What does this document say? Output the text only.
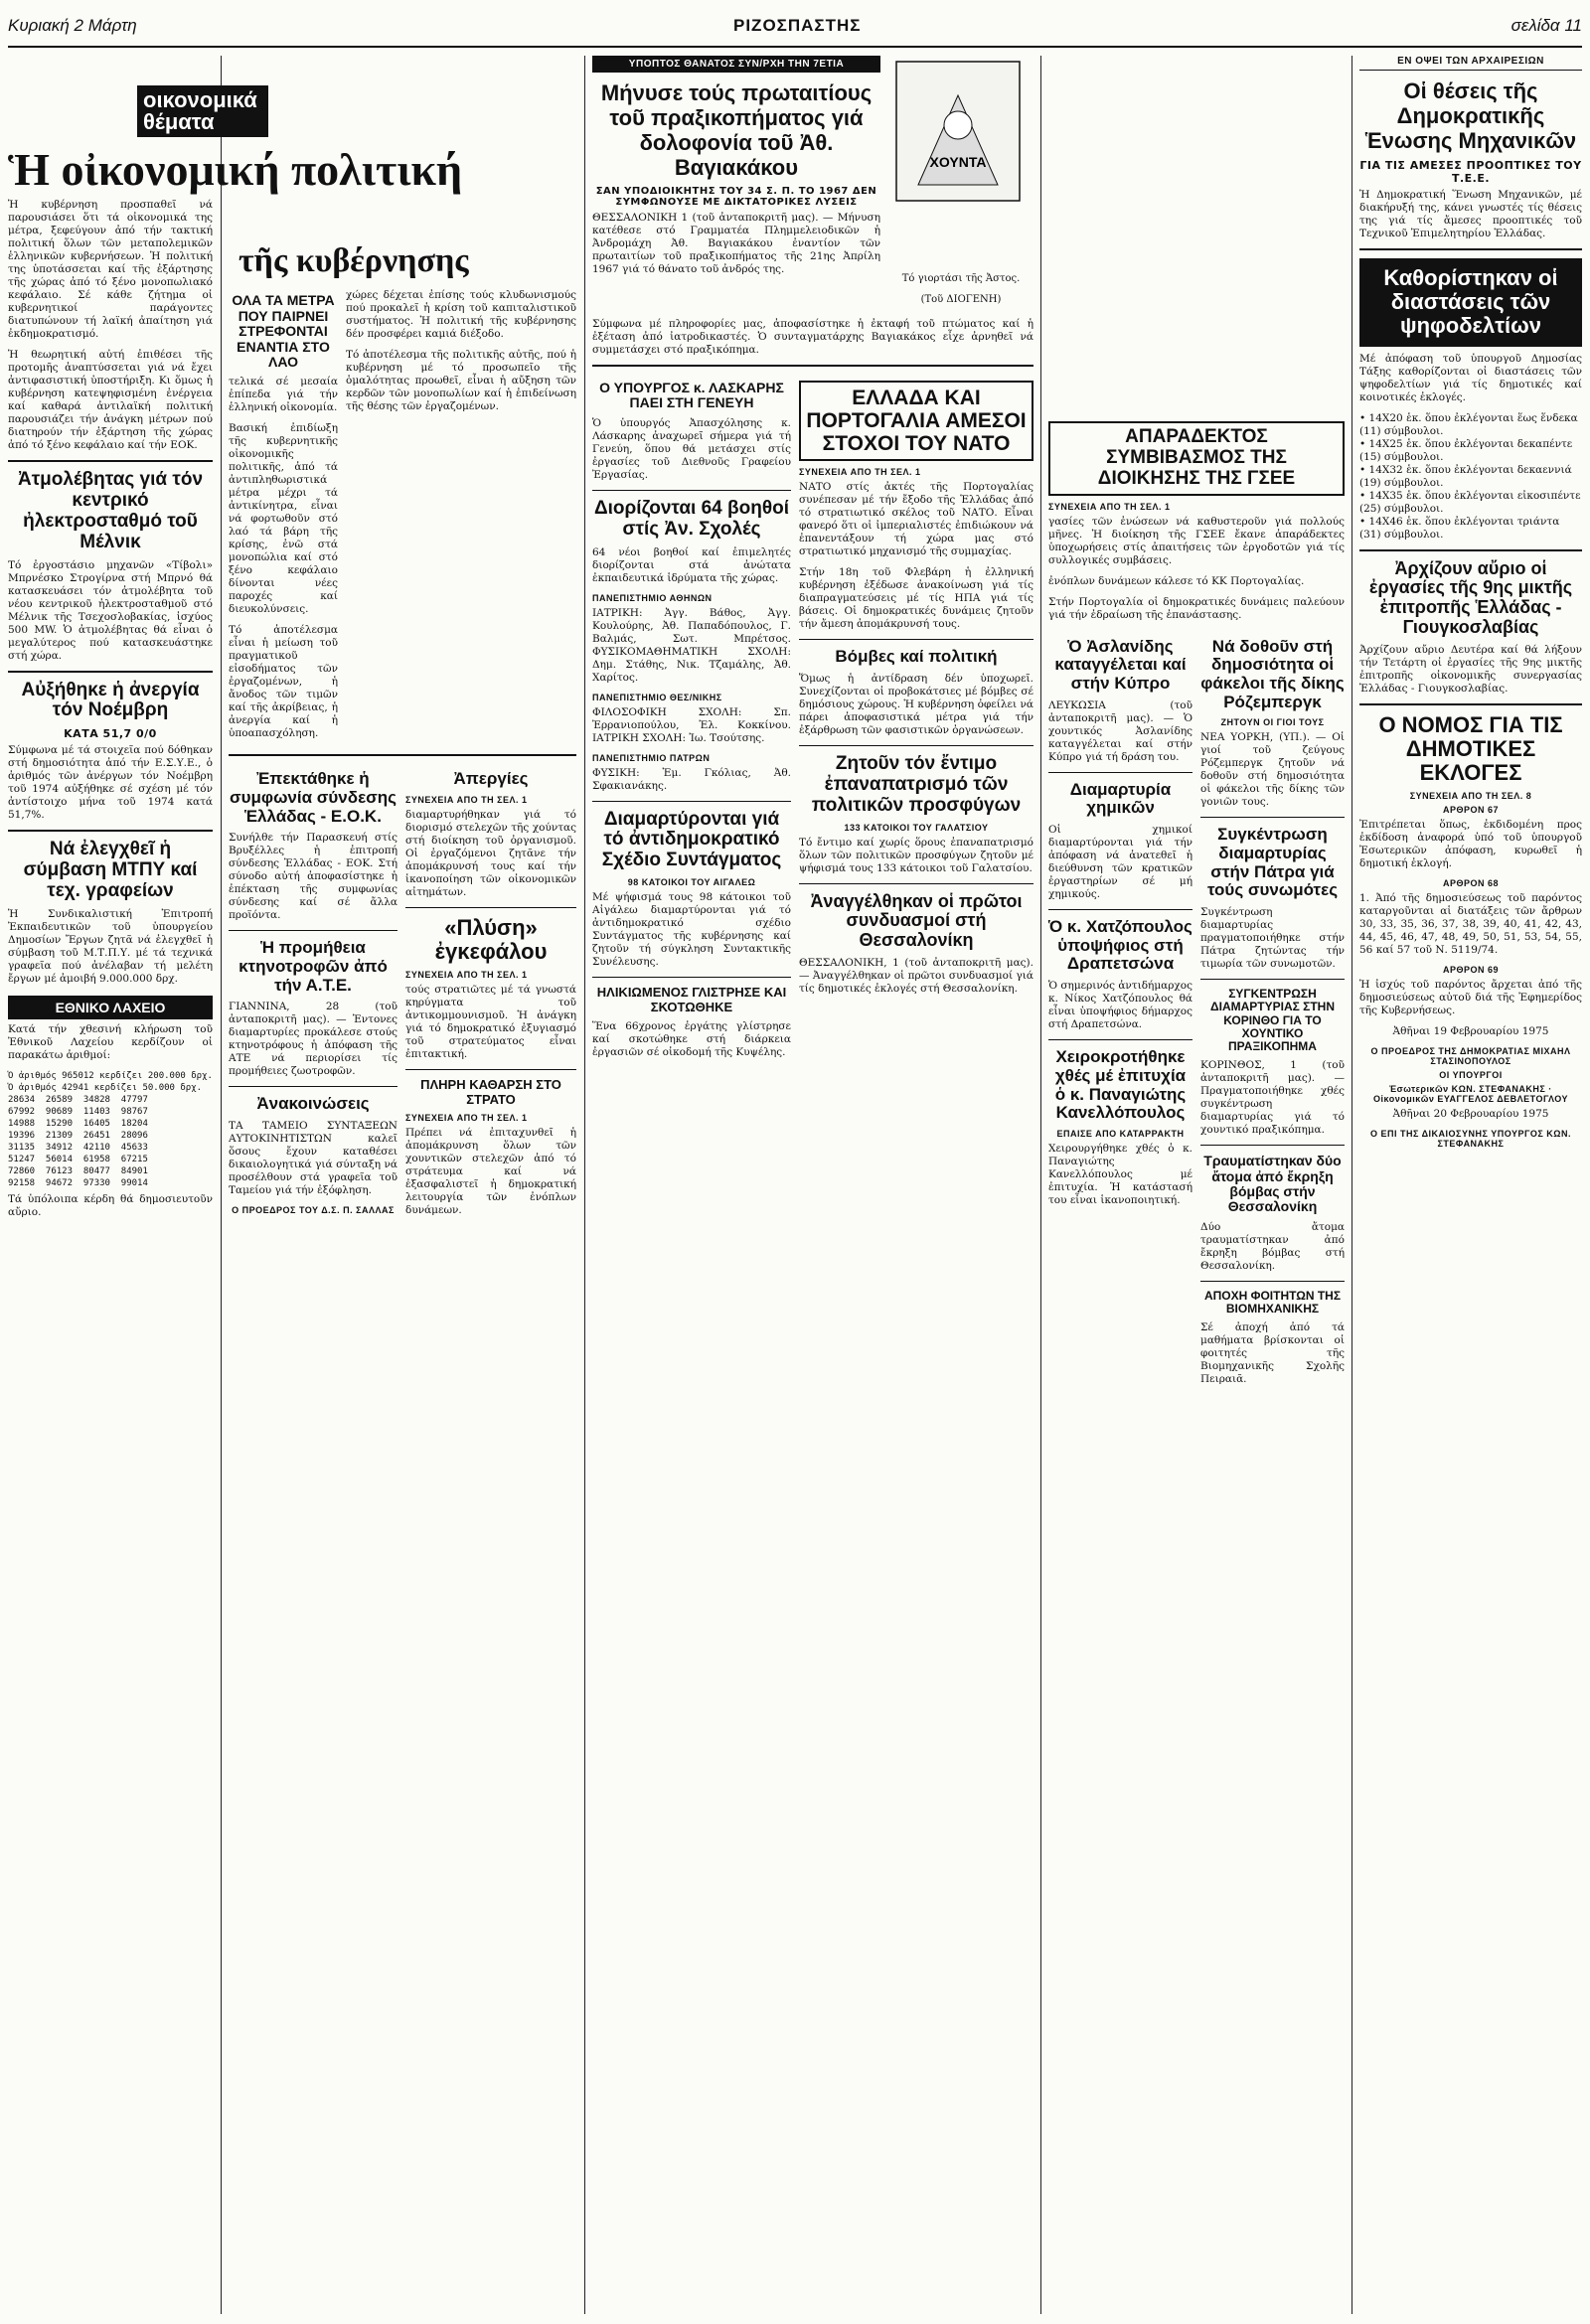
Κυριακή 2 Μάρτη	ΡΙΖΟΣΠΑΣΤΗΣ	σελίδα 11
οικονομικά θέματα
Ἡ οἰκονομική πολιτική
Ἡ κυβέρνηση προσπαθεῖ νά παρουσιάσει ὅτι τά οἰκονομικά της μέτρα, ξεφεύγουν ἀπό τήν τακτική πολιτική ὅλων τῶν μεταπολεμικῶν ἑλληνικῶν κυβερνήσεων. Ἡ πολιτική της ὑποτάσσεται καί τῆς ἐξάρτησης τῆς χώρας ἀπό τό ξένο μονοπωλιακό κεφάλαιο. Σέ κάθε ζήτημα οἱ κυβερνητικοί παράγοντες διατυπώνουν τή λαϊκή ἀπαίτηση γιά ἐκδημοκρατισμό.
Ἡ θεωρητική αὐτή ἐπιθέσει τῆς προτομῆς ἀναπτύσσεται γιά νά ἔχει ἀντιφασιστική ὑποστήριξη. Κι ὅμως ἡ κυβέρνηση κατεψηφισμένη ἐνέργεια καί καθαρά ἀντιλαϊκή πολιτική παρουσιάζει τήν ἀνάγκη μέτρων πού διατηρούν τήν ἐξάρτηση τῆς χώρας ἀπό τό ξένο κεφάλαιο καί τήν ΕΟΚ.
Ἀτμολέβητας γιά τόν κεντρικό ἠλεκτροσταθμό τοῦ Μέλνικ
Τό ἐργοστάσιο μηχανῶν «Τίβολι» Μπρνέσκο Στρογίρνα στή Μπρνό θά κατασκευάσει τόν ἀτμολέβητα τοῦ νέου κεντρικοῦ ἠλεκτροσταθμοῦ στό Μέλνικ τῆς Τσεχοσλοβακίας, ἰσχύος 500 MW. Ὁ ἀτμολέβητας θά εἶναι ὁ μεγαλύτερος πού κατασκευάστηκε στή χώρα.
Αὐξήθηκε ἡ ἀνεργία τόν Νοέμβρη
ΚΑΤΑ 51,7 0/0
Σύμφωνα μέ τά στοιχεῖα πού δόθηκαν στή δημοσιότητα ἀπό τήν Ε.Σ.Υ.Ε., ὁ ἀριθμός τῶν ἀνέργων τόν Νοέμβρη τοῦ 1974 αὐξήθηκε σέ σχέση μέ τόν ἀντίστοιχο μήνα τοῦ 1974 κατά 51,7%.
Νά ἐλεγχθεῖ ἡ σύμβαση ΜΤΠΥ καί τεχ. γραφείων
Ἡ Συνδικαλιστική Ἐπιτροπή Ἐκπαιδευτικῶν τοῦ ὑπουργείου Δημοσίων Ἔργων ζητᾶ νά ἐλεγχθεῖ ἡ σύμβαση τοῦ Μ.Τ.Π.Υ. μέ τά τεχνικά γραφεῖα πού ἀνέλαβαν τή μελέτη ἔργων μέ ἀμοιβή 9.000.000 δρχ.
ΕΘΝΙΚΟ ΛΑΧΕΙΟ
Κατά τήν χθεσινή κλήρωση τοῦ Ἐθνικοῦ Λαχείου κερδίζουν οἱ παρακάτω ἀριθμοί:
Ὁ ἀριθμός 965012 κερδίζει 200.000 δρχ.
Ὁ ἀριθμός 42941 κερδίζει 50.000 δρχ.
28634  26589  34828  47797
67992  90689  11403  98767
14988  15290  16405  18204
19396  21309  26451  28096
31135  34912  42110  45633
51247  56014  61958  67215
72860  76123  80477  84901
92158  94672  97330  99014
Τά ὑπόλοιπα κέρδη θά δημοσιευτοῦν αὔριο.
τῆς κυβέρνησης
ΟΛΑ ΤΑ ΜΕΤΡΑ ΠΟΥ ΠΑΙΡΝΕΙ ΣΤΡΕΦΟΝΤΑΙ ΕΝΑΝΤΙΑ ΣΤΟ ΛΑΟ
τελικά σέ μεσαία ἐπίπεδα γιά τήν ἑλληνική οἰκονομία.
Βασική ἐπιδίωξη τῆς κυβερνητικῆς οἰκονομικῆς πολιτικῆς, ἀπό τά ἀντιπληθωριστικά μέτρα μέχρι τά ἀντικίνητρα, εἶναι νά φορτωθοῦν στό λαό τά βάρη τῆς κρίσης, ἐνῶ στά μονοπώλια καί στό ξένο κεφάλαιο δίνονται νέες παροχές καί διευκολύνσεις.
Τό ἀποτέλεσμα εἶναι ἡ μείωση τοῦ πραγματικοῦ εἰσοδήματος τῶν ἐργαζομένων, ἡ ἄνοδος τῶν τιμῶν καί τῆς ἀκρίβειας, ἡ ἀνεργία καί ἡ ὑποαπασχόληση.
χώρες δέχεται ἐπίσης τούς κλυδωνισμούς πού προκαλεῖ ἡ κρίση τοῦ καπιταλιστικοῦ συστήματος. Ἡ πολιτική τῆς κυβέρνησης δέν προσφέρει καμιά διέξοδο.
Τό ἀποτέλεσμα τῆς πολιτικῆς αὐτῆς, πού ἡ κυβέρνηση μέ τό προσωπεῖο τῆς ὁμαλότητας προωθεῖ, εἶναι ἡ αὔξηση τῶν κερδῶν τῶν μονοπωλίων καί ἡ ἐπιδείνωση τῆς θέσης τῶν ἐργαζομένων.
Ἐπεκτάθηκε ἡ συμφωνία σύνδεσης Ἑλλάδας - Ε.Ο.Κ.
Συνήλθε τήν Παρασκευή στίς Βρυξέλλες ἡ ἐπιτροπή σύνδεσης Ἑλλάδας - ΕΟΚ. Στή σύνοδο αὐτή ἀποφασίστηκε ἡ ἐπέκταση τῆς συμφωνίας σύνδεσης καί σέ ἄλλα προϊόντα.
Ἡ προμήθεια κτηνοτροφῶν ἀπό τήν Α.Τ.Ε.
ΓΙΑΝΝΙΝΑ, 28 (τοῦ ἀνταποκριτῆ μας). — Ἐντονες διαμαρτυρίες προκάλεσε στούς κτηνοτρόφους ἡ ἀπόφαση τῆς ΑΤΕ νά περιορίσει τίς προμήθειες ζωοτροφῶν.
Ἀνακοινώσεις
ΤΑ ΤΑΜΕΙΟ ΣΥΝΤΑΞΕΩΝ ΑΥΤΟΚΙΝΗΤΙΣΤΩΝ καλεῖ ὅσους ἔχουν καταθέσει δικαιολογητικά γιά σύνταξη νά προσέλθουν στά γραφεῖα τοῦ Ταμείου γιά τήν ἐξόφληση.
Ο ΠΡΟΕΔΡΟΣ ΤΟΥ Δ.Σ. Π. ΣΑΛΛΑΣ
Ἀπεργίες
ΣΥΝΕΧΕΙΑ ΑΠΟ ΤΗ ΣΕΛ. 1
διαμαρτυρήθηκαν γιά τό διορισμό στελεχῶν τῆς χούντας στή διοίκηση τοῦ ὀργανισμοῦ. Οἱ ἐργαζόμενοι ζητᾶνε τήν ἀπομάκρυνσή τους καί τήν ἱκανοποίηση τῶν οἰκονομικῶν αἰτημάτων.
«Πλύση» ἐγκεφάλου
ΣΥΝΕΧΕΙΑ ΑΠΟ ΤΗ ΣΕΛ. 1
τούς στρατιῶτες μέ τά γνωστά κηρύγματα τοῦ ἀντικομμουνισμοῦ. Ἡ ἀνάγκη γιά τό δημοκρατικό ἐξυγιασμό τοῦ στρατεύματος εἶναι ἐπιτακτική.
ΠΛΗΡΗ ΚΑΘΑΡΣΗ ΣΤΟ ΣΤΡΑΤΟ
ΣΥΝΕΧΕΙΑ ΑΠΟ ΤΗ ΣΕΛ. 1
Πρέπει νά ἐπιταχυνθεῖ ἡ ἀπομάκρυνση ὅλων τῶν χουντικῶν στελεχῶν ἀπό τό στράτευμα καί νά ἐξασφαλιστεῖ ἡ δημοκρατική λειτουργία τῶν ἐνόπλων δυνάμεων.
ΥΠΟΠΤΟΣ ΘΑΝΑΤΟΣ ΣΥΝ/ΡΧΗ ΤΗΝ 7ΕΤΙΑ
Μήνυσε τούς πρωταιτίους τοῦ πραξικοπήματος γιά δολοφονία τοῦ Ἀθ. Βαγιακάκου
ΣΑΝ ΥΠΟΔΙΟΙΚΗΤΗΣ ΤΟΥ 34 Σ. Π. ΤΟ 1967 ΔΕΝ ΣΥΜΦΩΝΟΥΣΕ ΜΕ ΔΙΚΤΑΤΟΡΙΚΕΣ ΛΥΣΕΙΣ
ΘΕΣΣΑΛΟΝΙΚΗ 1 (τοῦ ἀνταποκριτῆ μας). — Μήνυση κατέθεσε στό Γραμματέα Πλημμελειοδικῶν ἡ Ἀνδρομάχη Ἀθ. Βαγιακάκου ἐναντίον τῶν πρωταιτίων τοῦ πραξικοπήματος τῆς 21ης Ἀπρίλη 1967 γιά τό θάνατο τοῦ ἀνδρός της.
ΧΟΥΝΤΑ
Τό γιορτάσι τῆς Ἀστος.
(Τοῦ ΔΙΟΓΕΝΗ)
Σύμφωνα μέ πληροφορίες μας, ἀποφασίστηκε ἡ ἐκταφή τοῦ πτώματος καί ἡ ἐξέταση ἀπό ἰατροδικαστές. Ὁ συνταγματάρχης Βαγιακάκος εἶχε ἀρνηθεῖ νά συμμετάσχει στό πραξικόπημα.
Ο ΥΠΟΥΡΓΟΣ κ. ΛΑΣΚΑΡΗΣ ΠΑΕΙ ΣΤΗ ΓΕΝΕΥΗ
Ὁ ὑπουργός Ἀπασχόλησης κ. Λάσκαρης ἀναχωρεῖ σήμερα γιά τή Γενεύη, ὅπου θά μετάσχει στίς ἐργασίες τοῦ Διεθνοῦς Γραφείου Ἐργασίας.
Διορίζονται 64 βοηθοί στίς Ἀν. Σχολές
64 νέοι βοηθοί καί ἐπιμελητές διορίζονται στά ἀνώτατα ἐκπαιδευτικά ἱδρύματα τῆς χώρας.
ΠΑΝΕΠΙΣΤΗΜΙΟ ΑΘΗΝΩΝ
ΙΑΤΡΙΚΗ: Ἀγγ. Βάθος, Ἀγγ. Κουλούρης, Ἀθ. Παπαδόπουλος, Γ. Βαλμάς, Σωτ. Μπρέτσος. ΦΥΣΙΚΟΜΑΘΗΜΑΤΙΚΗ ΣΧΟΛΗ: Δημ. Στάθης, Νικ. Τζαμάλης, Ἀθ. Χαρίτος.
ΠΑΝΕΠΙΣΤΗΜΙΟ ΘΕΣ/ΝΙΚΗΣ
ΦΙΛΟΣΟΦΙΚΗ ΣΧΟΛΗ: Σπ. Ἐρρανιοπούλου, Ἐλ. Κοκκίνου. ΙΑΤΡΙΚΗ ΣΧΟΛΗ: Ἰω. Τσούτσης.
ΠΑΝΕΠΙΣΤΗΜΙΟ ΠΑΤΡΩΝ
ΦΥΣΙΚΗ: Ἐμ. Γκόλιας, Ἀθ. Σφακιανάκης.
Διαμαρτύρονται γιά τό ἀντιδημοκρατικό Σχέδιο Συντάγματος
98 ΚΑΤΟΙΚΟΙ ΤΟΥ ΑΙΓΑΛΕΩ
Μέ ψήφισμά τους 98 κάτοικοι τοῦ Αἰγάλεω διαμαρτύρονται γιά τό ἀντιδημοκρατικό σχέδιο Συντάγματος τῆς κυβέρνησης καί ζητοῦν τή σύγκληση Συντακτικῆς Συνέλευσης.
ΗΛΙΚΙΩΜΕΝΟΣ ΓΛΙΣΤΡΗΣΕ ΚΑΙ ΣΚΟΤΩΘΗΚΕ
Ἕνα 66χρονος ἐργάτης γλίστρησε καί σκοτώθηκε στή διάρκεια ἐργασιῶν σέ οἰκοδομή τῆς Κυψέλης.
ΕΛΛΑΔΑ ΚΑΙ ΠΟΡΤΟΓΑΛΙΑ ΑΜΕΣΟΙ ΣΤΟΧΟΙ ΤΟΥ ΝΑΤΟ
ΣΥΝΕΧΕΙΑ ΑΠΟ ΤΗ ΣΕΛ. 1
ΝΑΤΟ στίς ἀκτές τῆς Πορτογαλίας συνέπεσαν μέ τήν ἔξοδο τῆς Ἑλλάδας ἀπό τό στρατιωτικό σκέλος τοῦ ΝΑΤΟ. Εἶναι φανερό ὅτι οἱ ἰμπεριαλιστές ἐπιδιώκουν νά ἐπανεντάξουν τή χώρα μας στό στρατιωτικό μηχανισμό τῆς συμμαχίας.
Στήν 18η τοῦ Φλεβάρη ἡ ἐλληνική κυβέρνηση ἐξέδωσε ἀνακοίνωση γιά τίς διαπραγματεύσεις μέ τίς ΗΠΑ γιά τίς βάσεις. Οἱ δημοκρατικές δυνάμεις ζητοῦν τήν ἄμεση ἀπομάκρυνσή τους.
Βόμβες καί πολιτική
Ὅμως ἡ ἀντίδραση δέν ὑποχωρεῖ. Συνεχίζονται οἱ προβοκάτσιες μέ βόμβες σέ δημόσιους χώρους. Ἡ κυβέρνηση ὀφείλει νά πάρει ἀποφασιστικά μέτρα γιά τήν ἐξάρθρωση τῶν φασιστικῶν ὀργανώσεων.
Ζητοῦν τόν ἔντιμο ἐπαναπατρισμό τῶν πολιτικῶν προσφύγων
133 ΚΑΤΟΙΚΟΙ ΤΟΥ ΓΑΛΑΤΣΙΟΥ
Τό ἔντιμο καί χωρίς ὅρους ἐπαναπατρισμό ὅλων τῶν πολιτικῶν προσφύγων ζητοῦν μέ ψήφισμά τους 133 κάτοικοι τοῦ Γαλατσίου.
Ἀναγγέλθηκαν οἱ πρῶτοι συνδυασμοί στή Θεσσαλονίκη
ΘΕΣΣΑΛΟΝΙΚΗ, 1 (τοῦ ἀνταποκριτῆ μας). — Ἀναγγέλθηκαν οἱ πρῶτοι συνδυασμοί γιά τίς δημοτικές ἐκλογές στή Θεσσαλονίκη.
ΑΠΑΡΑΔΕΚΤΟΣ ΣΥΜΒΙΒΑΣΜΟΣ ΤΗΣ ΔΙΟΙΚΗΣΗΣ ΤΗΣ ΓΣΕΕ
ΣΥΝΕΧΕΙΑ ΑΠΟ ΤΗ ΣΕΛ. 1
γασίες τῶν ἐνώσεων νά καθυστεροῦν γιά πολλούς μῆνες. Ἡ διοίκηση τῆς ΓΣΕΕ ἔκανε ἀπαράδεκτες ὑποχωρήσεις στίς ἀπαιτήσεις τῶν ἐργοδοτῶν γιά τίς συλλογικές συμβάσεις.
ἐνόπλων δυνάμεων κάλεσε τό ΚΚ Πορτογαλίας.
Στήν Πορτογαλία οἱ δημοκρατικές δυνάμεις παλεύουν γιά τήν ἐδραίωση τῆς ἐπανάστασης.
Ὁ Ἀσλανίδης καταγγέλεται καί στήν Κύπρο
ΛΕΥΚΩΣΙΑ (τοῦ ἀνταποκριτῆ μας). — Ὁ χουντικός Ἀσλανίδης καταγγέλεται καί στήν Κύπρο γιά τή δράση του.
Διαμαρτυρία χημικῶν
Οἱ χημικοί διαμαρτύρονται γιά τήν ἀπόφαση νά ἀνατεθεῖ ἡ διεύθυνση τῶν κρατικῶν ἐργαστηρίων σέ μή χημικούς.
Ὁ κ. Χατζόπουλος ὑποψήφιος στή Δραπετσώνα
Ὁ σημερινός ἀντιδήμαρχος κ. Νίκος Χατζόπουλος θά εἶναι ὑποψήφιος δήμαρχος στή Δραπετσώνα.
Χειροκροτήθηκε χθές μέ ἐπιτυχία ὁ κ. Παναγιώτης Κανελλόπουλος
ΕΠΑΙΣΕ ΑΠΟ ΚΑΤΑΡΡΑΚΤΗ
Χειρουργήθηκε χθές ὁ κ. Παναγιώτης Κανελλόπουλος μέ ἐπιτυχία. Ἡ κατάστασή του εἶναι ἱκανοποιητική.
Νά δοθοῦν στή δημοσιότητα οἱ φάκελοι τῆς δίκης Ρόζεμπεργκ
ΖΗΤΟΥΝ ΟΙ ΓΙΟΙ ΤΟΥΣ
ΝΕΑ ΥΟΡΚΗ, (ΥΠ.). — Οἱ γιοί τοῦ ζεύγους Ρόζεμπεργκ ζητοῦν νά δοθοῦν στή δημοσιότητα οἱ φάκελοι τῆς δίκης τῶν γονιῶν τους.
Συγκέντρωση διαμαρτυρίας στήν Πάτρα γιά τούς συνωμότες
Συγκέντρωση διαμαρτυρίας πραγματοποιήθηκε στήν Πάτρα ζητώντας τήν τιμωρία τῶν συνωμοτῶν.
ΣΥΓΚΕΝΤΡΩΣΗ ΔΙΑΜΑΡΤΥΡΙΑΣ ΣΤΗΝ ΚΟΡΙΝΘΟ ΓΙΑ ΤΟ ΧΟΥΝΤΙΚΟ ΠΡΑΞΙΚΟΠΗΜΑ
ΚΟΡΙΝΘΟΣ, 1 (τοῦ ἀνταποκριτῆ μας). — Πραγματοποιήθηκε χθές συγκέντρωση διαμαρτυρίας γιά τό χουντικό πραξικόπημα.
Τραυματίστηκαν δύο ἄτομα ἀπό ἔκρηξη βόμβας στήν Θεσσαλονίκη
Δύο ἄτομα τραυματίστηκαν ἀπό ἔκρηξη βόμβας στή Θεσσαλονίκη.
ΑΠΟΧΗ ΦΟΙΤΗΤΩΝ ΤΗΣ ΒΙΟΜΗΧΑΝΙΚΗΣ
Σέ ἀποχή ἀπό τά μαθήματα βρίσκονται οἱ φοιτητές τῆς Βιομηχανικῆς Σχολῆς Πειραιᾶ.
ΕΝ ΟΨΕΙ ΤΩΝ ΑΡΧΑΙΡΕΣΙΩΝ
Οἱ θέσεις τῆς Δημοκρατικῆς Ἑνωσης Μηχανικῶν
ΓΙΑ ΤΙΣ ΑΜΕΣΕΣ ΠΡΟΟΠΤΙΚΕΣ ΤΟΥ Τ.Ε.Ε.
Ἡ Δημοκρατική Ἕνωση Μηχανικῶν, μέ διακήρυξή της, κάνει γνωστές τίς θέσεις της γιά τίς ἄμεσες προοπτικές τοῦ Τεχνικοῦ Ἐπιμελητηρίου Ἑλλάδας.
Καθορίστηκαν οἱ διαστάσεις τῶν ψηφοδελτίων
Μέ ἀπόφαση τοῦ ὑπουργοῦ Δημοσίας Τάξης καθορίζονται οἱ διαστάσεις τῶν ψηφοδελτίων γιά τίς δημοτικές καί κοινοτικές ἐκλογές.
• 14X20 ἑκ. ὅπου ἐκλέγονται ἕως ἕνδεκα (11) σύμβουλοι.
• 14X25 ἑκ. ὅπου ἐκλέγονται δεκαπέντε (15) σύμβουλοι.
• 14X32 ἑκ. ὅπου ἐκλέγονται δεκαεννιά (19) σύμβουλοι.
• 14X35 ἑκ. ὅπου ἐκλέγονται εἰκοσιπέντε (25) σύμβουλοι.
• 14X46 ἑκ. ὅπου ἐκλέγονται τριάντα (31) σύμβουλοι.
Ἀρχίζουν αὔριο οἱ ἐργασίες τῆς 9ης μικτῆς ἐπιτροπῆς Ἑλλάδας - Γιουγκοσλαβίας
Ἀρχίζουν αὔριο Δευτέρα καί θά λήξουν τήν Τετάρτη οἱ ἐργασίες τῆς 9ης μικτῆς ἐπιτροπῆς οἰκονομικῆς συνεργασίας Ἑλλάδας - Γιουγκοσλαβίας.
Ο ΝΟΜΟΣ ΓΙΑ ΤΙΣ ΔΗΜΟΤΙΚΕΣ ΕΚΛΟΓΕΣ
ΣΥΝΕΧΕΙΑ ΑΠΟ ΤΗ ΣΕΛ. 8
ΑΡΘΡΟΝ 67
Ἐπιτρέπεται ὅπως, ἐκδιδομένη προς ἐκδίδοση ἀναφορά ὑπό τοῦ ὑπουργοῦ Ἐσωτερικῶν ἀπόφαση, κυρωθεῖ ἡ δημοτική ἐκλογή.
ΑΡΘΡΟΝ 68
1. Ἀπό τῆς δημοσιεύσεως τοῦ παρόντος καταργοῦνται αἱ διατάξεις τῶν ἄρθρων 30, 33, 35, 36, 37, 38, 39, 40, 41, 42, 43, 44, 45, 46, 47, 48, 49, 50, 51, 53, 54, 55, 56 καί 57 τοῦ Ν. 5119/74.
ΑΡΘΡΟΝ 69
Ἡ ἰσχύς τοῦ παρόντος ἄρχεται ἀπό τῆς δημοσιεύσεως αὐτοῦ διά τῆς Ἐφημερίδος τῆς Κυβερνήσεως.
Ἀθῆναι 19 Φεβρουαρίου 1975
Ο ΠΡΟΕΔΡΟΣ ΤΗΣ ΔΗΜΟΚΡΑΤΙΑΣ ΜΙΧΑΗΛ ΣΤΑΣΙΝΟΠΟΥΛΟΣ
ΟΙ ΥΠΟΥΡΓΟΙ
Ἐσωτερικῶν ΚΩΝ. ΣΤΕΦΑΝΑΚΗΣ · Οἰκονομικῶν ΕΥΑΓΓΕΛΟΣ ΔΕΒΛΕΤΟΓΛΟΥ
Ἀθῆναι 20 Φεβρουαρίου 1975
Ο ΕΠΙ ΤΗΣ ΔΙΚΑΙΟΣΥΝΗΣ ΥΠΟΥΡΓΟΣ ΚΩΝ. ΣΤΕΦΑΝΑΚΗΣ
